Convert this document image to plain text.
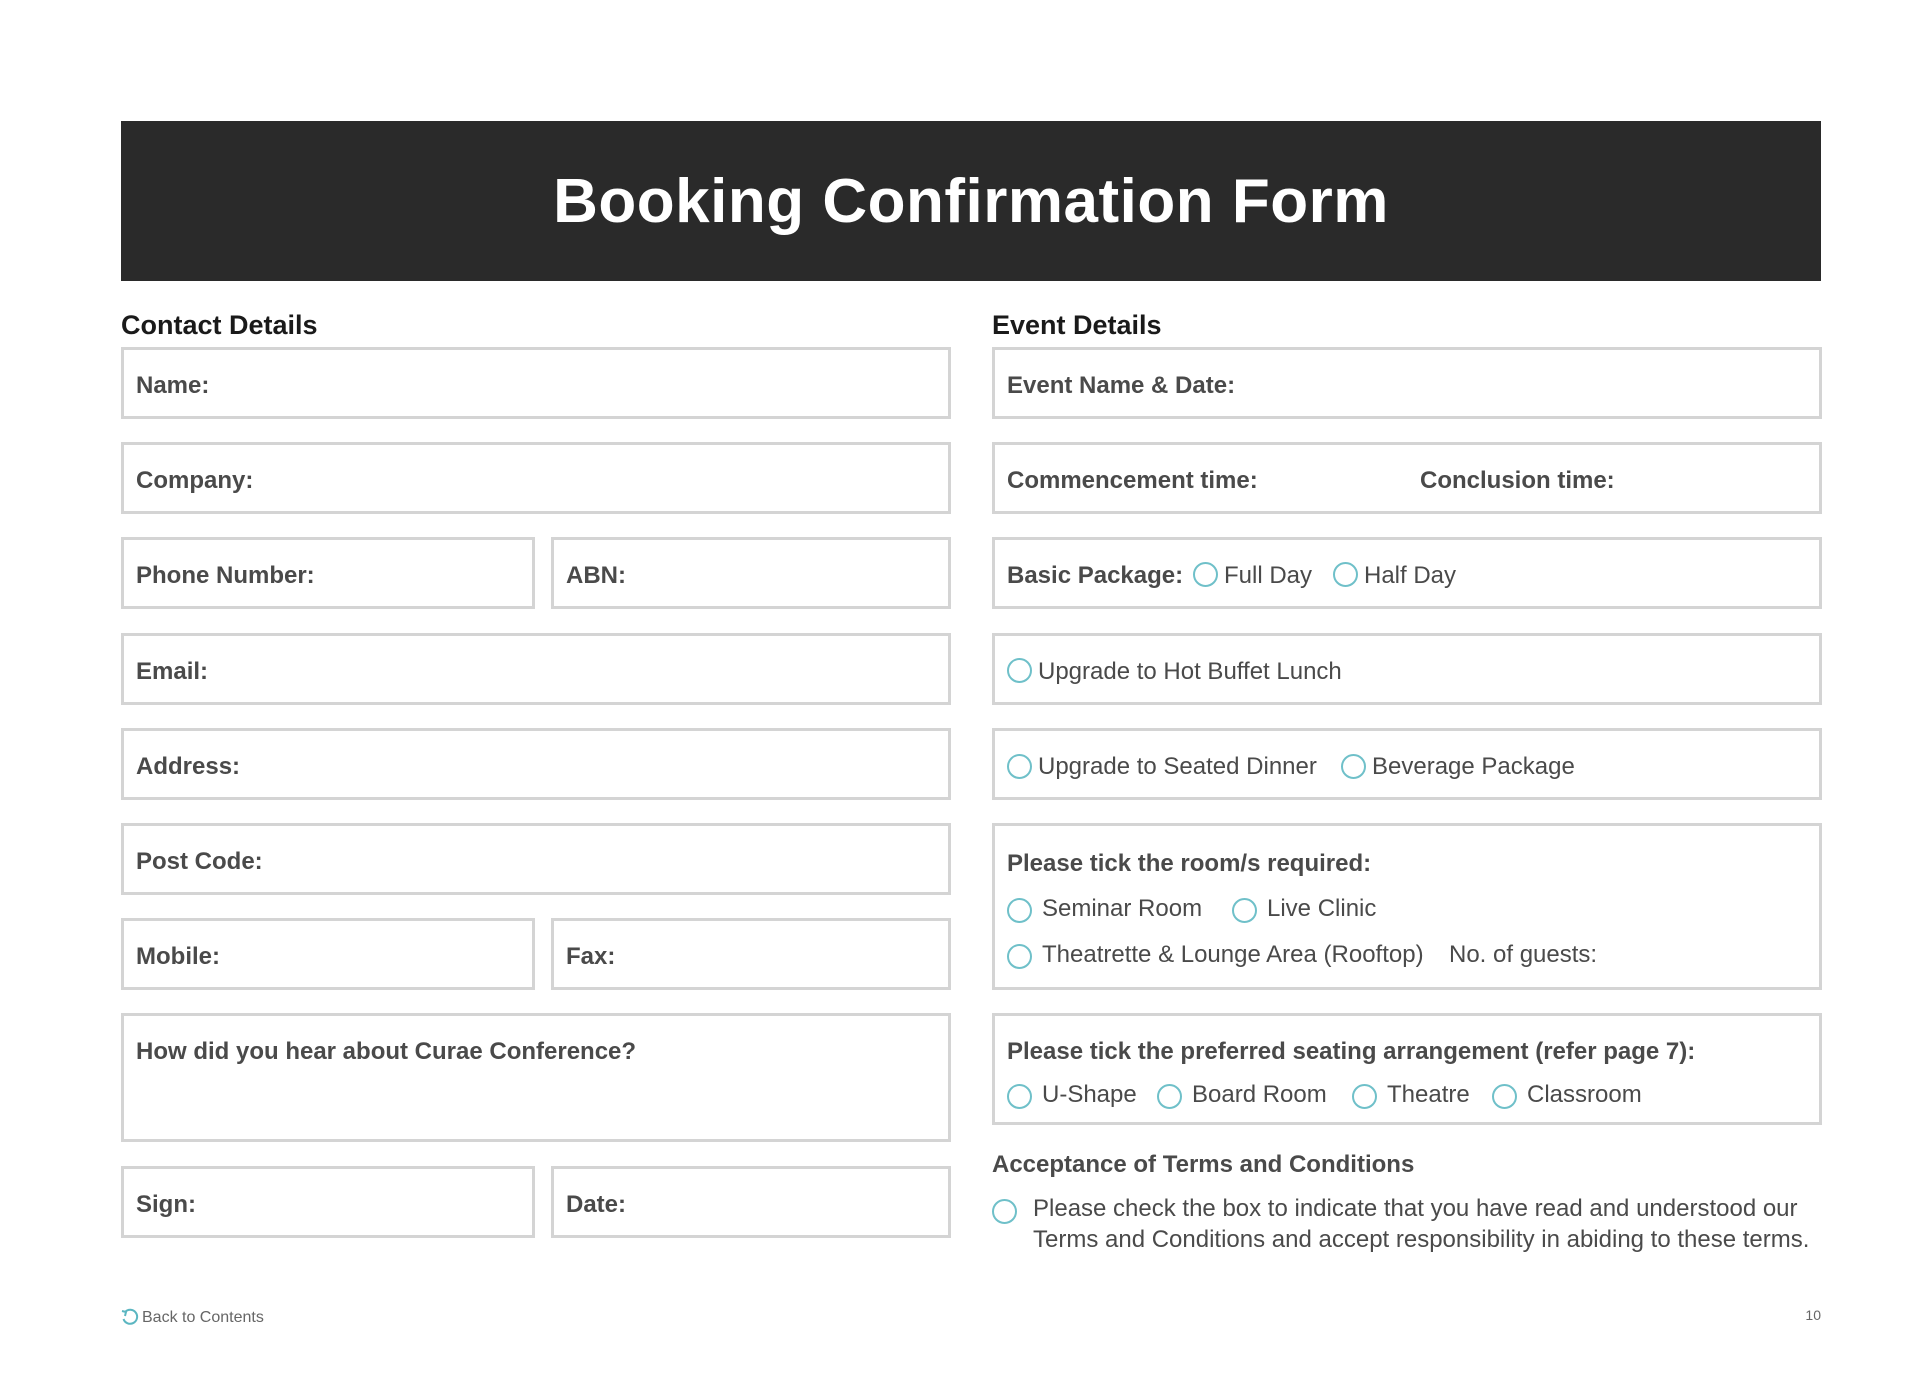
Booking Confirmation Form
Contact Details	Event Details
Name:
Company:
Phone Number:	ABN:
Email:
Address:
Post Code:
Mobile:	Fax:
How did you hear about Curae Conference?
Sign:	Date:
Event Name & Date:
Commencement time:	Conclusion time:
Basic Package: Full Day Half Day
Upgrade to Hot Buffet Lunch
Upgrade to Seated Dinner Beverage Package
Please tick the room/s required:
Seminar Room	Live Clinic
Theatrette & Lounge Area (Rooftop) No. of guests:
Please tick the preferred seating arrangement (refer page 7):
U-Shape Board Room	Theatre Classroom
Acceptance of Terms and Conditions
Please check the box to indicate that you have read and understood our
Terms and Conditions and accept responsibility in abiding to these terms.
Back to Contents	10
